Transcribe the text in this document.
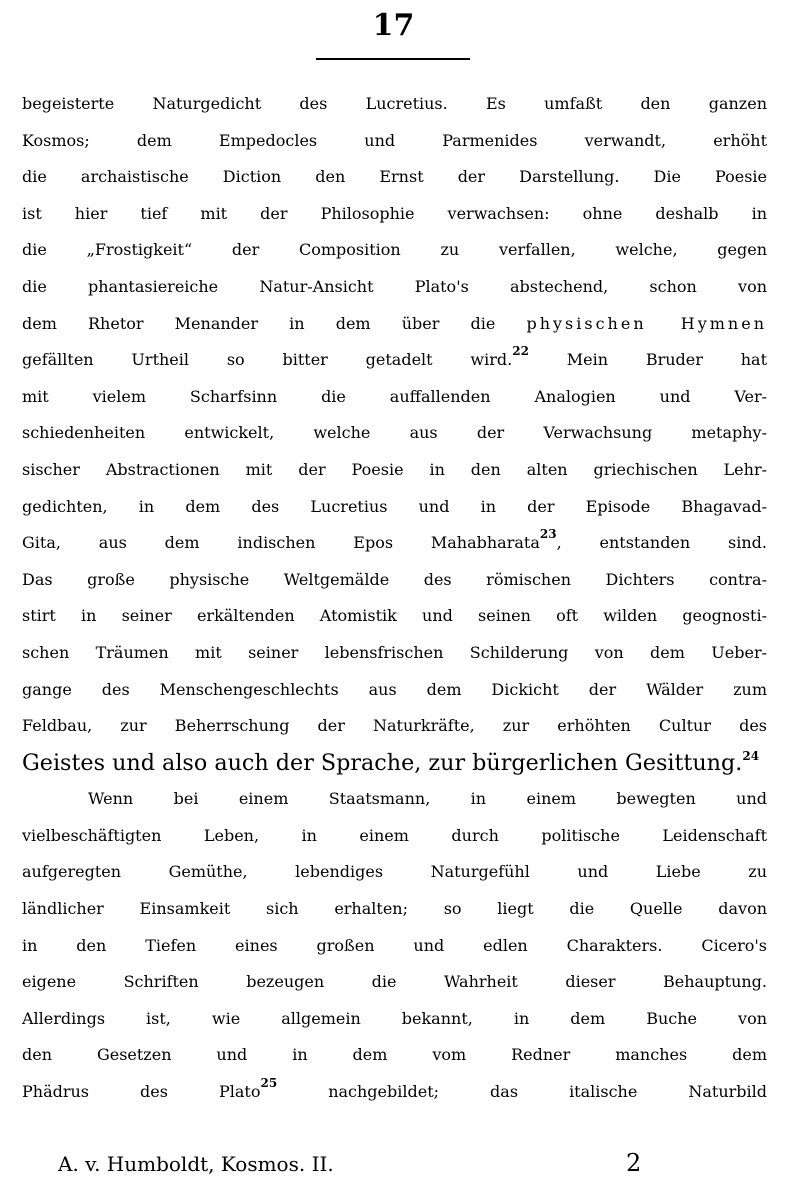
17
begeisterte Naturgedicht des Lucretius. Es umfaßt den ganzen
Kosmos; dem Empedocles und Parmenides verwandt, erhöht
die archaistische Diction den Ernst der Darstellung. Die Poesie
ist hier tief mit der Philosophie verwachsen: ohne deshalb in
die „Frostigkeit“ der Composition zu verfallen, welche, gegen
die phantasiereiche Natur-Ansicht Plato's abstechend, schon von
dem Rhetor Menander in dem über die physischen Hymnen
gefällten Urtheil so bitter getadelt wird.$^{22}$ Mein Bruder hat
mit vielem Scharfsinn die auffallenden Analogien und Ver-
schiedenheiten entwickelt, welche aus der Verwachsung metaphy-
sischer Abstractionen mit der Poesie in den alten griechischen Lehr-
gedichten, in dem des Lucretius und in der Episode Bhagavad-
Gita, aus dem indischen Epos Mahabharata$^{23}$, entstanden sind.
Das große physische Weltgemälde des römischen Dichters contra-
stirt in seiner erkältenden Atomistik und seinen oft wilden geognosti-
schen Träumen mit seiner lebensfrischen Schilderung von dem Ueber-
gange des Menschengeschlechts aus dem Dickicht der Wälder zum
Feldbau, zur Beherrschung der Naturkräfte, zur erhöhten Cultur des
Geistes und also auch der Sprache, zur bürgerlichen Gesittung.$^{24}$
Wenn bei einem Staatsmann, in einem bewegten und
vielbeschäftigten Leben, in einem durch politische Leidenschaft
aufgeregten Gemüthe, lebendiges Naturgefühl und Liebe zu
ländlicher Einsamkeit sich erhalten; so liegt die Quelle davon
in den Tiefen eines großen und edlen Charakters. Cicero's
eigene Schriften bezeugen die Wahrheit dieser Behauptung.
Allerdings ist, wie allgemein bekannt, in dem Buche von
den Gesetzen und in dem vom Redner manches dem
Phädrus des Plato$^{25}$ nachgebildet; das italische Naturbild
A. v. Humboldt, Kosmos. II.	2
